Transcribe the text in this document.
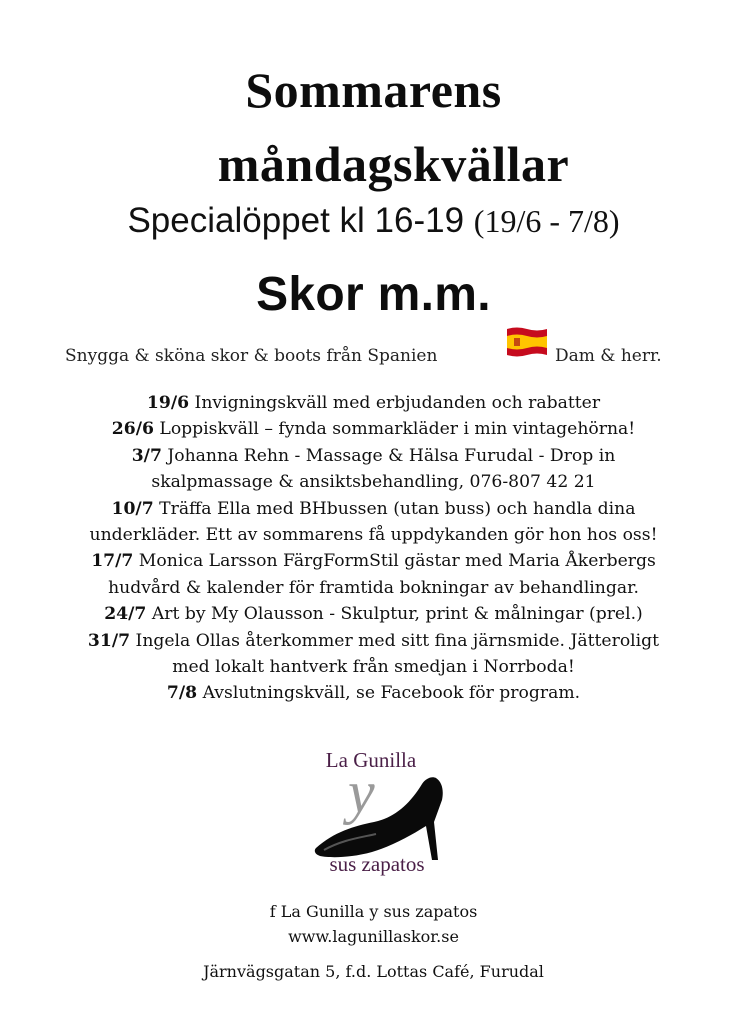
Sommarens
måndagskvällar
Specialöppet kl 16-19 (19/6 - 7/8)
Skor m.m.
Snygga & sköna skor & boots från Spanien	Dam & herr.
19/6 Invigningskväll med erbjudanden och rabatter
26/6 Loppiskväll – fynda sommarkläder i min vintagehörna!
3/7 Johanna Rehn - Massage & Hälsa Furudal - Drop in
skalpmassage & ansiktsbehandling, 076-807 42 21
10/7 Träffa Ella med BHbussen (utan buss) och handla dina
underkläder. Ett av sommarens få uppdykanden gör hon hos oss!
17/7 Monica Larsson FärgFormStil gästar med Maria Åkerbergs
hudvård & kalender för framtida bokningar av behandlingar.
24/7 Art by My Olausson - Skulptur, print & målningar (prel.)
31/7 Ingela Ollas återkommer med sitt fina järnsmide. Jätteroligt
med lokalt hantverk från smedjan i Norrboda!
7/8 Avslutningskväll, se Facebook för program.
y
La Gunilla
sus zapatos
f La Gunilla y sus zapatos
www.lagunillaskor.se
Järnvägsgatan 5, f.d. Lottas Café, Furudal
